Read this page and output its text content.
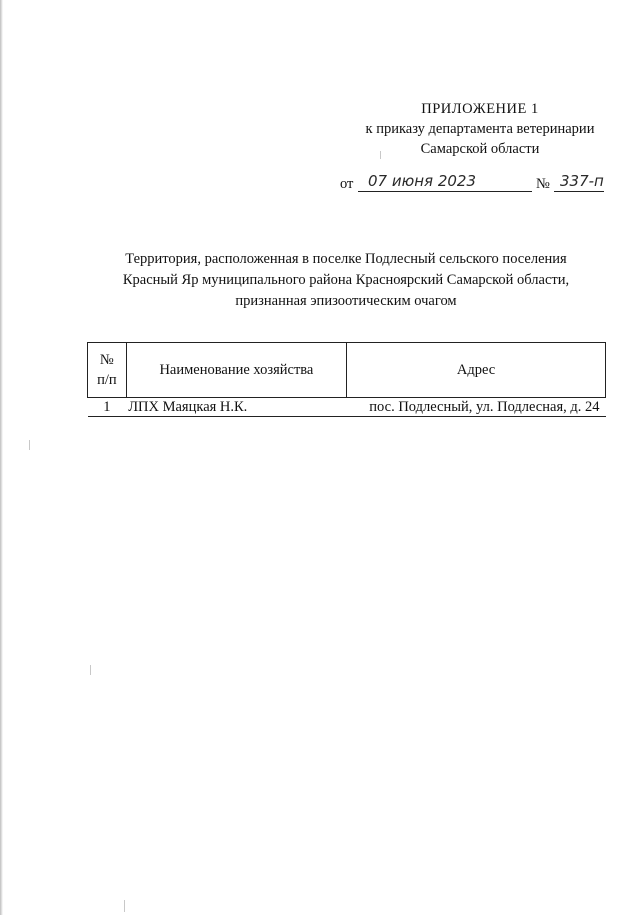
ПРИЛОЖЕНИЕ 1
к приказу департамента ветеринарии
Самарской области
от 07 июня 2023	№ 337-п
Территория, расположенная в поселке Подлесный сельского поселения
Красный Яр муниципального района Красноярский Самарской области,
признанная эпизоотическим очагом
№
п/п	Наименование хозяйства	Адрес
1	ЛПХ Маяцкая Н.К.	пос. Подлесный, ул. Подлесная, д. 24
